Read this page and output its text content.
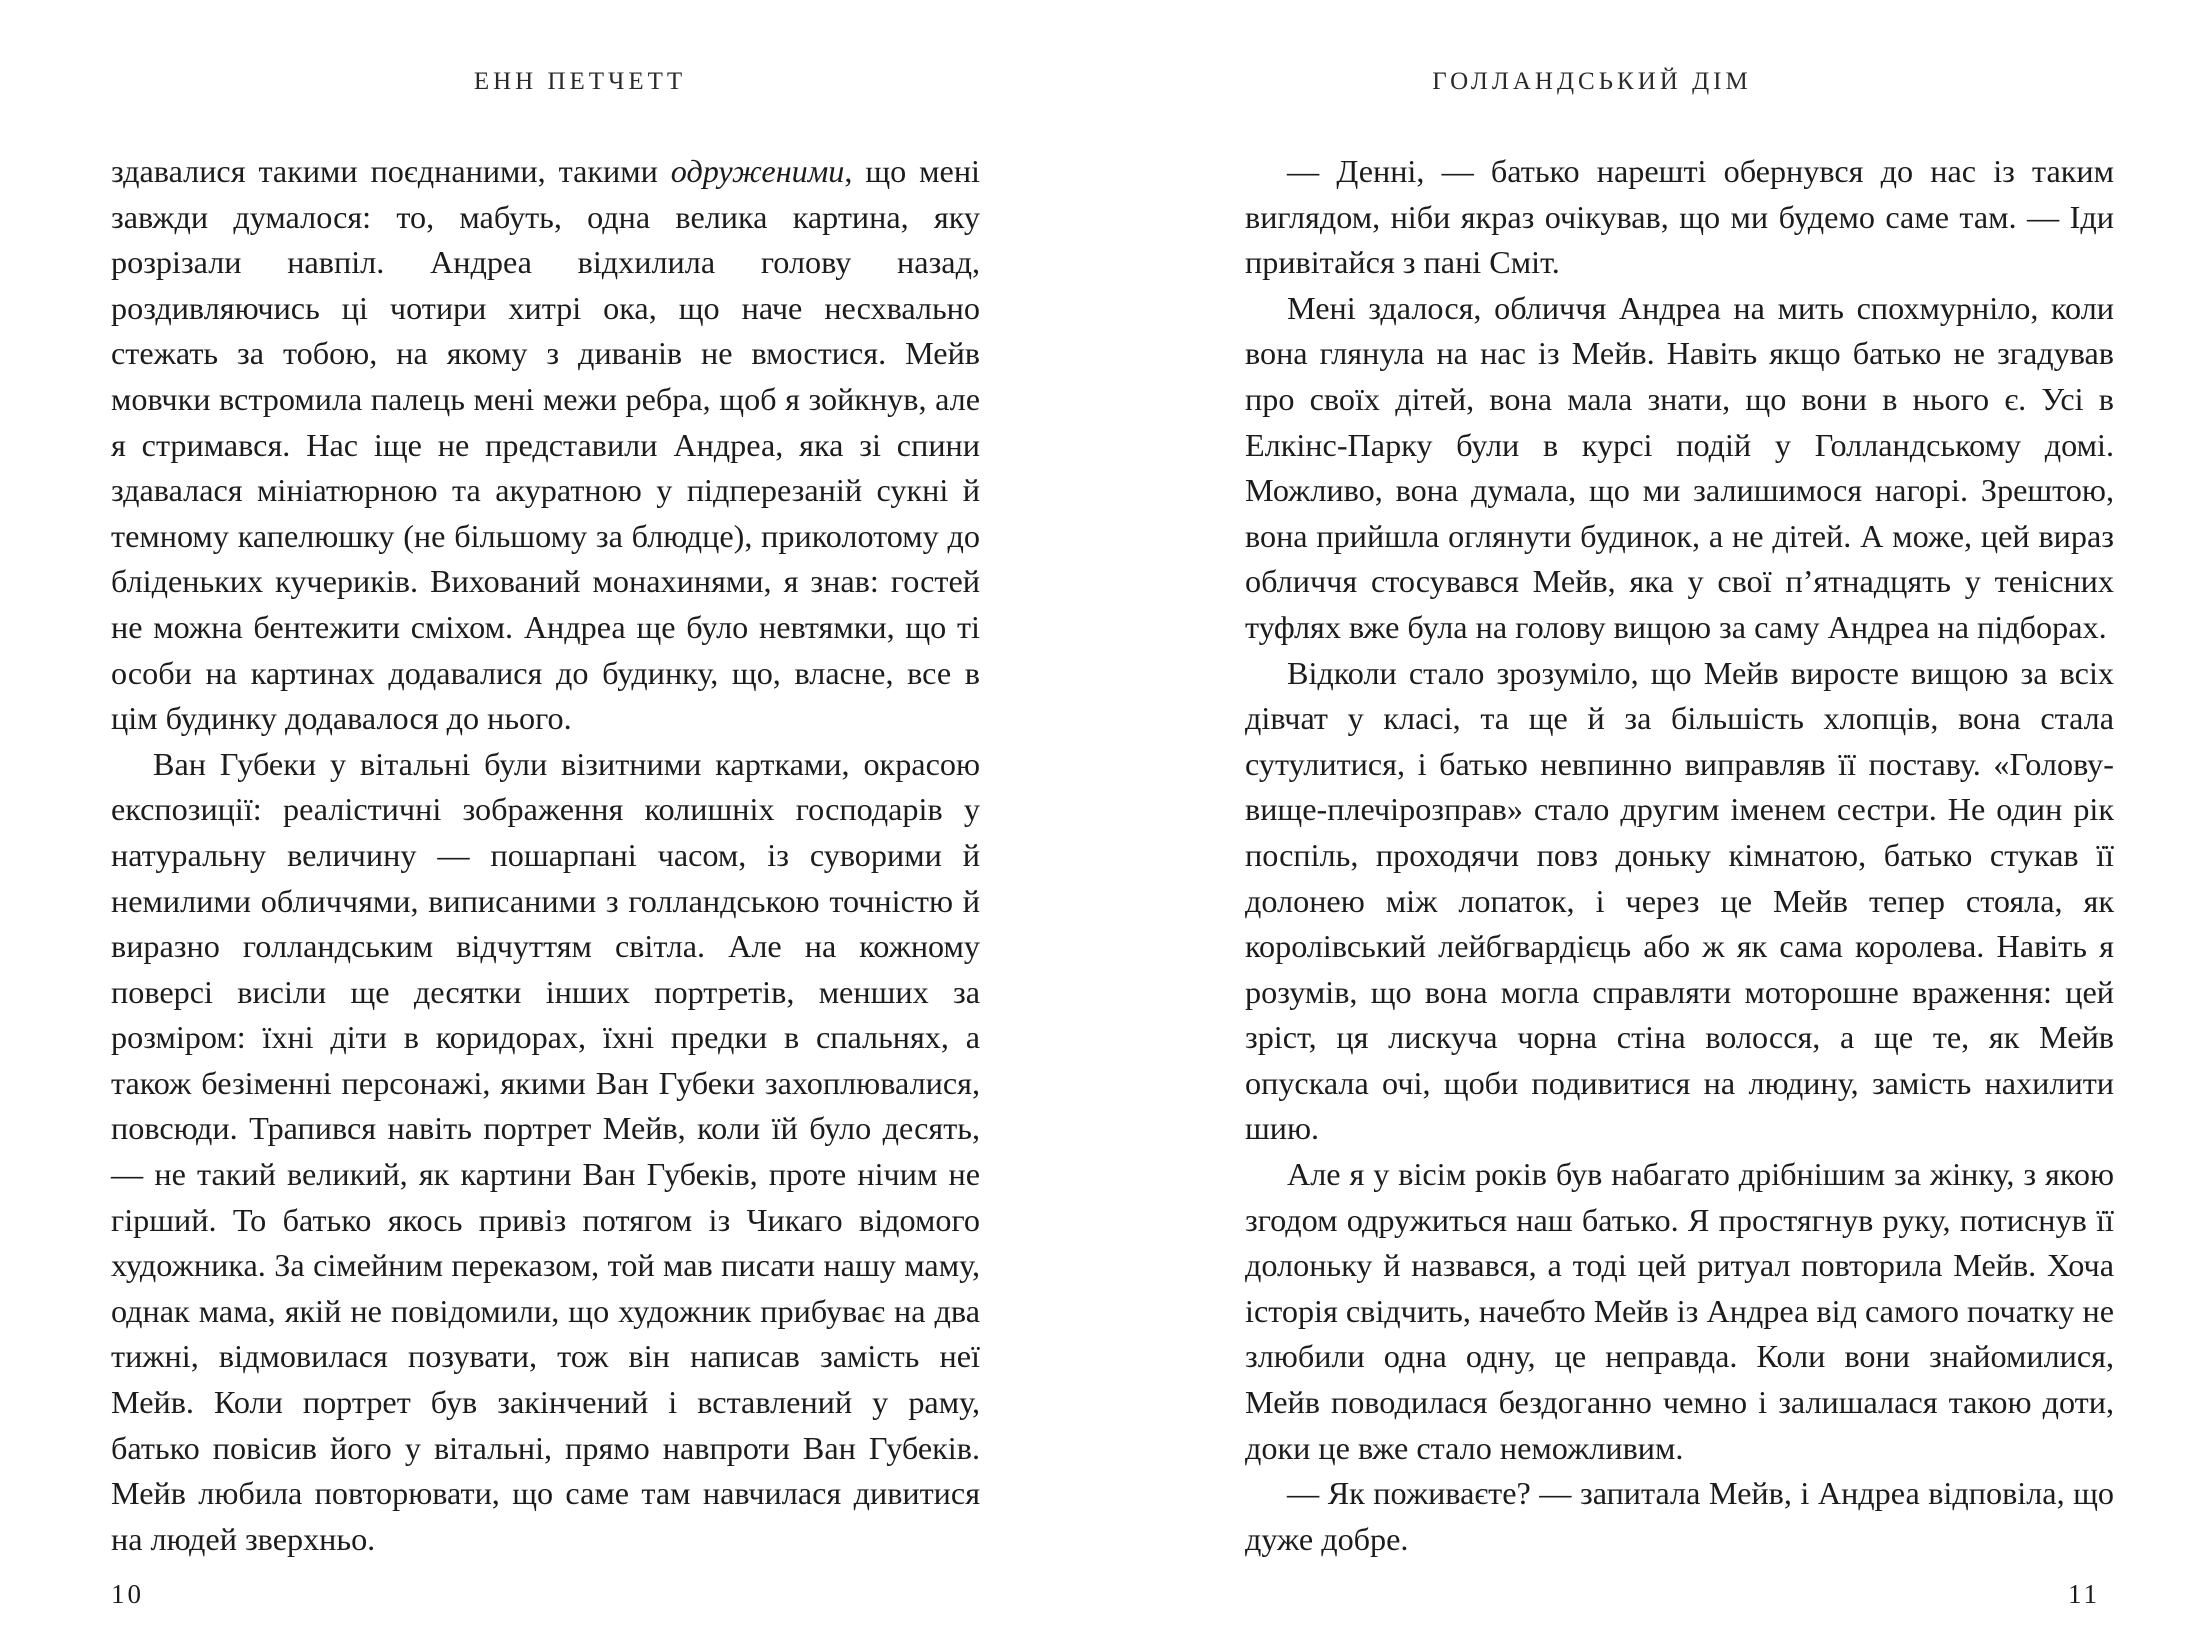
ЕНН ПЕТЧЕТТ

здавалися такими поєднаними, такими одруженими, що мені завжди думалося: то, мабуть, одна велика картина, яку розрізали навпіл. Андреа відхилила голову назад, роздивляючись ці чотири хитрі ока, що наче несхвально стежать за тобою, на якому з диванів не вмостися. Мейв мовчки встромила палець мені межи ребра, щоб я зойкнув, але я стримався. Нас іще не представили Андреа, яка зі спини здавалася мініатюрною та акуратною у підперезаній сукні й темному капелюшку (не більшому за блюдце), приколотому до бліденьких кучериків. Вихований монахинями, я знав: гостей не можна бентежити сміхом. Андреа ще було невтямки, що ті особи на картинах додавалися до будинку, що, власне, все в цім будинку додавалося до нього.

Ван Губеки у вітальні були візитними картками, окрасою експозиції: реалістичні зображення колишніх господарів у натуральну величину — пошарпані часом, із суворими й немилими обличчями, виписаними з голландською точністю й виразно голландським відчуттям світла. Але на кожному поверсі висіли ще десятки інших портретів, менших за розміром: їхні діти в коридорах, їхні предки в спальнях, а також безіменні персонажі, якими Ван Губеки захоплювалися, повсюди. Трапився навіть портрет Мейв, коли їй було десять, — не такий великий, як картини Ван Губеків, проте нічим не гірший. То батько якось привіз потягом із Чикаго відомого художника. За сімейним переказом, той мав писати нашу маму, однак мама, якій не повідомили, що художник прибуває на два тижні, відмовилася позувати, тож він написав замість неї Мейв. Коли портрет був закінчений і вставлений у раму, батько повісив його у вітальні, прямо навпроти Ван Губеків. Мейв любила повторювати, що саме там навчилася дивитися на людей зверхньо.

10
ГОЛЛАНДСЬКИЙ ДІМ

— Денні, — батько нарешті обернувся до нас із таким виглядом, ніби якраз очікував, що ми будемо саме там. — Іди привітайся з пані Сміт.

Мені здалося, обличчя Андреа на мить спохмурніло, коли вона глянула на нас із Мейв. Навіть якщо батько не згадував про своїх дітей, вона мала знати, що вони в нього є. Усі в Елкінс-Парку були в курсі подій у Голландському домі. Можливо, вона думала, що ми залишимося нагорі. Зрештою, вона прийшла оглянути будинок, а не дітей. А може, цей вираз обличчя стосувався Мейв, яка у свої п’ятнадцять у тенісних туфлях вже була на голову вищою за саму Андреа на підборах.

Відколи стало зрозуміло, що Мейв виросте вищою за всіх дівчат у класі, та ще й за більшість хлопців, вона стала сутулитися, і батько невпинно виправляв її поставу. «Голову-вище-плечірозправ» стало другим іменем сестри. Не один рік поспіль, проходячи повз доньку кімнатою, батько стукав її долонею між лопаток, і через це Мейв тепер стояла, як королівський лейбгвардієць або ж як сама королева. Навіть я розумів, що вона могла справляти моторошне враження: цей зріст, ця лискуча чорна стіна волосся, а ще те, як Мейв опускала очі, щоби подивитися на людину, замість нахилити шию.

Але я у вісім років був набагато дрібнішим за жінку, з якою згодом одружиться наш батько. Я простягнув руку, потиснув її долоньку й назвався, а тоді цей ритуал повторила Мейв. Хоча історія свідчить, начебто Мейв із Андреа від самого початку не злюбили одна одну, це неправда. Коли вони знайомилися, Мейв поводилася бездоганно чемно і залишалася такою доти, доки це вже стало неможливим.

— Як поживаєте? — запитала Мейв, і Андреа відповіла, що дуже добре.

11
